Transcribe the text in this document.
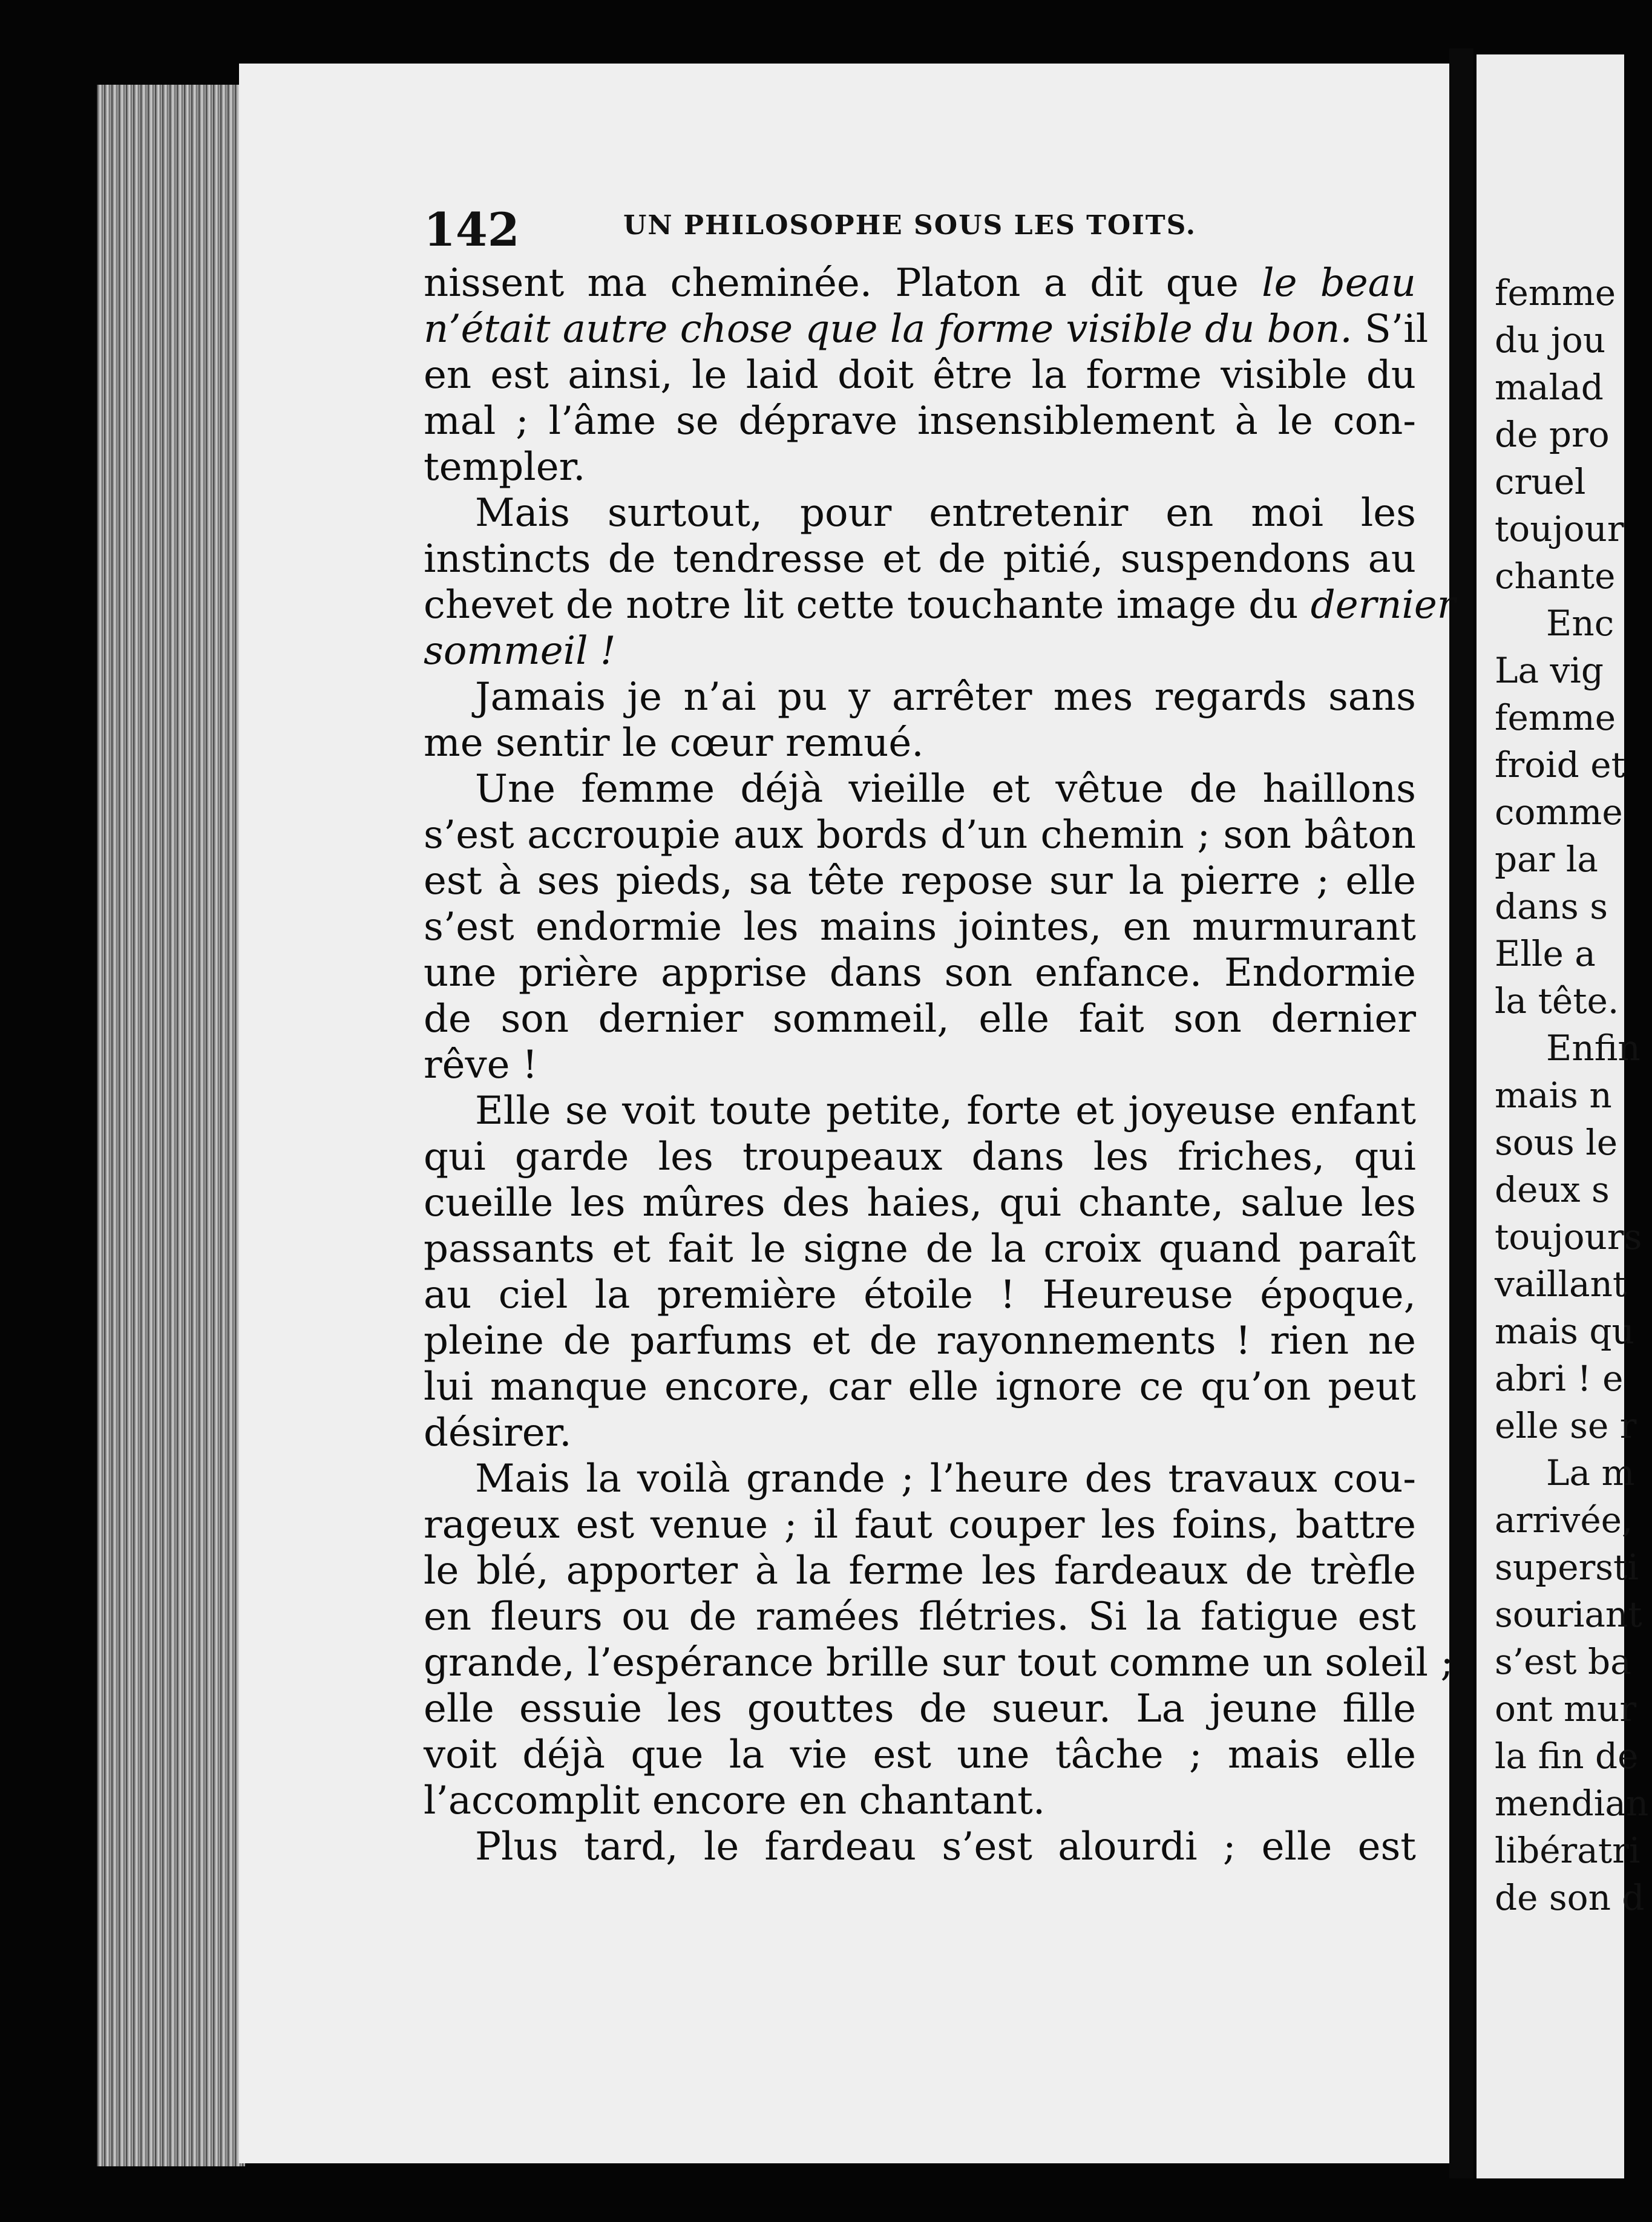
142	UN PHILOSOPHE SOUS LES TOITS.
nissent ma cheminée. Platon a dit que le beau
n’était autre chose que la forme visible du bon. S’il
en est ainsi, le laid doit être la forme visible du
mal ; l’âme se déprave insensiblement à le con-
templer.
Mais surtout, pour entretenir en moi les
instincts de tendresse et de pitié, suspendons au
chevet de notre lit cette touchante image du dernier
sommeil !
Jamais je n’ai pu y arrêter mes regards sans
me sentir le cœur remué.
Une femme déjà vieille et vêtue de haillons
s’est accroupie aux bords d’un chemin ; son bâton
est à ses pieds, sa tête repose sur la pierre ; elle
s’est endormie les mains jointes, en murmurant
une prière apprise dans son enfance. Endormie
de son dernier sommeil, elle fait son dernier
rêve !
Elle se voit toute petite, forte et joyeuse enfant
qui garde les troupeaux dans les friches, qui
cueille les mûres des haies, qui chante, salue les
passants et fait le signe de la croix quand paraît
au ciel la première étoile ! Heureuse époque,
pleine de parfums et de rayonnements ! rien ne
lui manque encore, car elle ignore ce qu’on peut
désirer.
Mais la voilà grande ; l’heure des travaux cou-
rageux est venue ; il faut couper les foins, battre
le blé, apporter à la ferme les fardeaux de trèfle
en fleurs ou de ramées flétries. Si la fatigue est
grande, l’espérance brille sur tout comme un soleil ;
elle essuie les gouttes de sueur. La jeune fille
voit déjà que la vie est une tâche ; mais elle
l’accomplit encore en chantant.
Plus tard, le fardeau s’est alourdi ; elle est
femme
du jou
malad
de pro
cruel
toujour
chante
Enc
La vig
femme
froid et
comme
par la
dans s
Elle a
la tête.
Enfin
mais n
sous le
deux s
toujours
vaillant
mais qu
abri ! e
elle se r
La m
arrivée,
supersti
souriant
s’est ba
ont mur
la fin de
mendian
libératri
de son d
